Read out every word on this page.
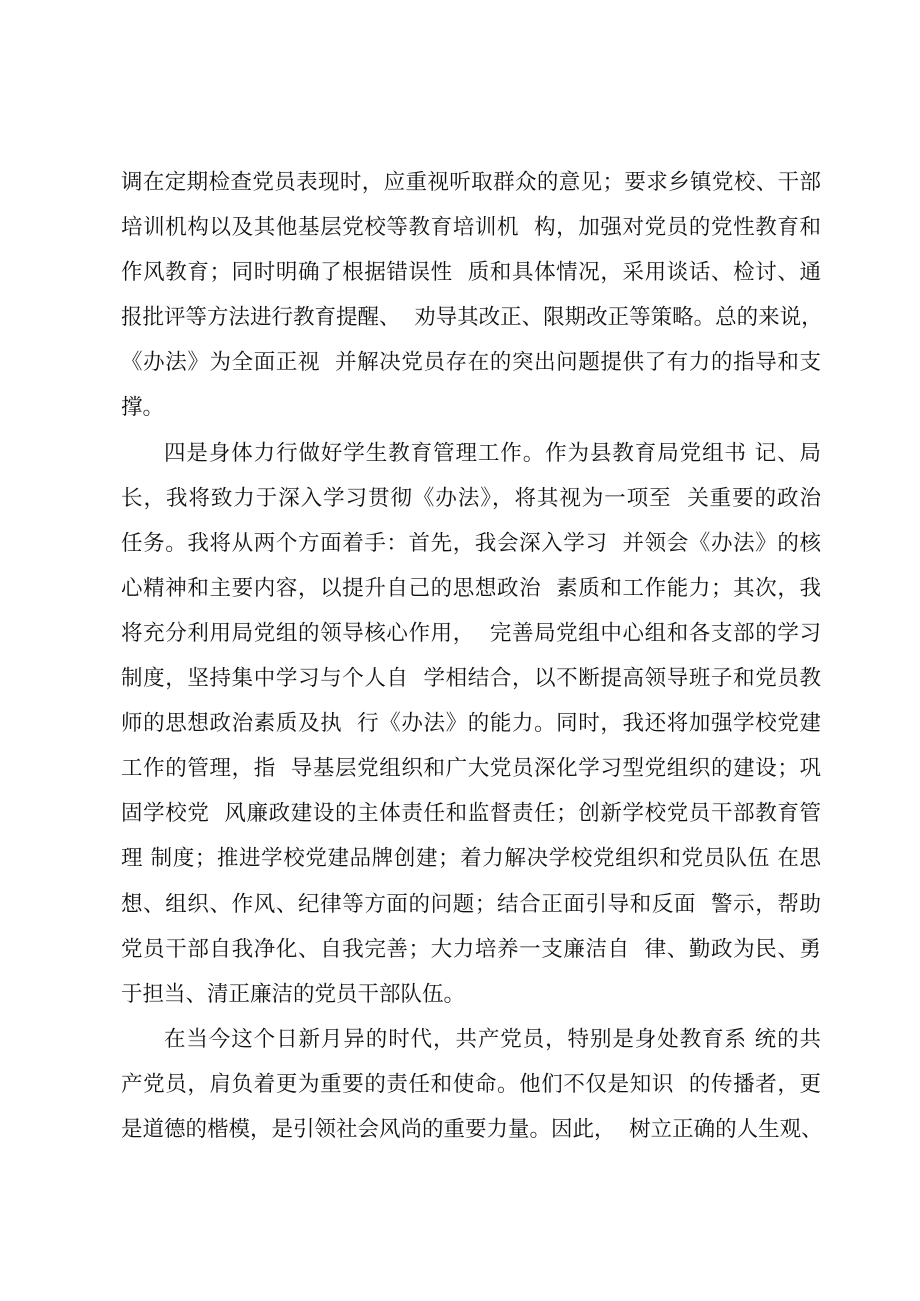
调在定期检查党员表现时，应重视听取群众的意见；要求乡镇党校、干部
培训机构以及其他基层党校等教育培训机  构，加强对党员的党性教育和
作风教育；同时明确了根据错误性  质和具体情况，采用谈话、检讨、通
报批评等方法进行教育提醒、  劝导其改正、限期改正等策略。总的来说，
《办法》为全面正视  并解决党员存在的突出问题提供了有力的指导和支
撑。
四是身体力行做好学生教育管理工作。作为县教育局党组书 记、局
长，我将致力于深入学习贯彻《办法》，将其视为一项至  关重要的政治
任务。我将从两个方面着手：首先，我会深入学习  并领会《办法》的核
心精神和主要内容，以提升自己的思想政治  素质和工作能力；其次，我
将充分利用局党组的领导核心作用，  完善局党组中心组和各支部的学习
制度，坚持集中学习与个人自  学相结合，以不断提高领导班子和党员教
师的思想政治素质及执  行《办法》的能力。同时，我还将加强学校党建
工作的管理，指  导基层党组织和广大党员深化学习型党组织的建设；巩
固学校党  风廉政建设的主体责任和监督责任；创新学校党员干部教育管
理 制度；推进学校党建品牌创建；着力解决学校党组织和党员队伍 在思
想、组织、作风、纪律等方面的问题；结合正面引导和反面  警示，帮助
党员干部自我净化、自我完善；大力培养一支廉洁自  律、勤政为民、勇
于担当、清正廉洁的党员干部队伍。
在当今这个日新月异的时代，共产党员，特别是身处教育系 统的共
产党员，肩负着更为重要的责任和使命。他们不仅是知识  的传播者，更
是道德的楷模，是引领社会风尚的重要力量。因此，  树立正确的人生观、
